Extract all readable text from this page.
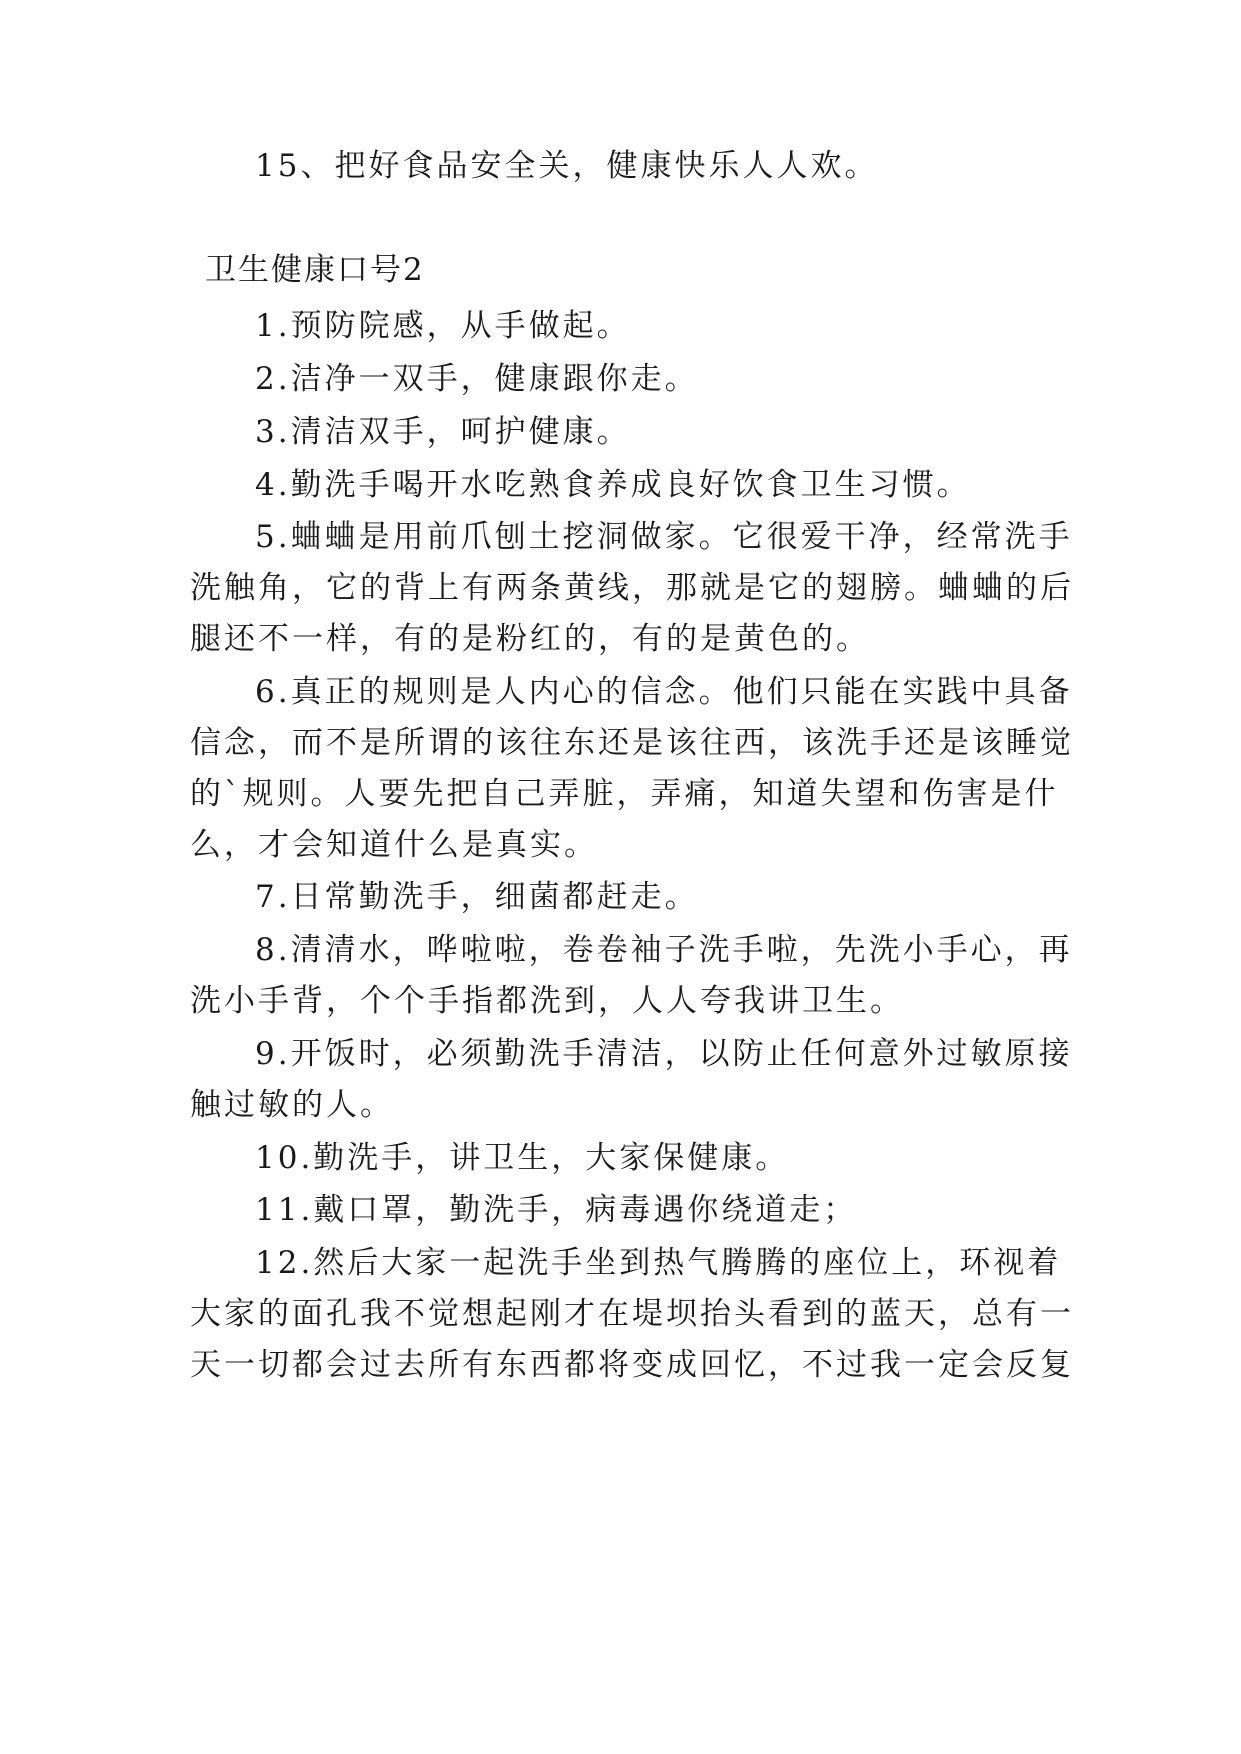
15、把好食品安全关，健康快乐人人欢。
卫生健康口号2
1.预防院感，从手做起。
2.洁净一双手，健康跟你走。
3.清洁双手，呵护健康。
4.勤洗手喝开水吃熟食养成良好饮食卫生习惯。
5.蛐蛐是用前爪刨土挖洞做家。它很爱干净，经常洗手
洗触角，它的背上有两条黄线，那就是它的翅膀。蛐蛐的后
腿还不一样，有的是粉红的，有的是黄色的。
6.真正的规则是人内心的信念。他们只能在实践中具备
信念，而不是所谓的该往东还是该往西，该洗手还是该睡觉
的`规则。人要先把自己弄脏，弄痛，知道失望和伤害是什
么，才会知道什么是真实。
7.日常勤洗手，细菌都赶走。
8.清清水，哗啦啦，卷卷袖子洗手啦，先洗小手心，再
洗小手背，个个手指都洗到，人人夸我讲卫生。
9.开饭时，必须勤洗手清洁，以防止任何意外过敏原接
触过敏的人。
10.勤洗手，讲卫生，大家保健康。
11.戴口罩，勤洗手，病毒遇你绕道走；
12.然后大家一起洗手坐到热气腾腾的座位上，环视着
大家的面孔我不觉想起刚才在堤坝抬头看到的蓝天，总有一
天一切都会过去所有东西都将变成回忆，不过我一定会反复
